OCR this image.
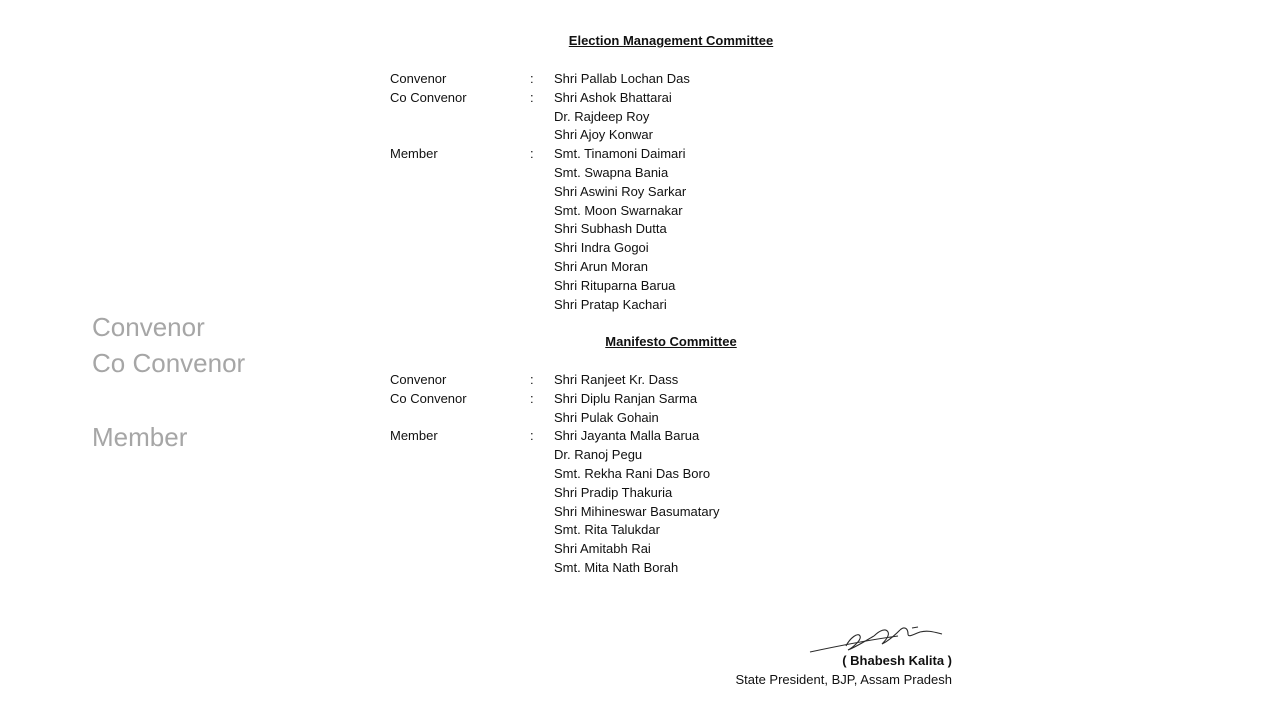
Convenor
Co Convenor
Member
Election Management Committee
Convenor	: Shri Pallab Lochan Das
Co Convenor	: Shri Ashok Bhattarai
Dr. Rajdeep Roy
Shri Ajoy Konwar
Member	: Smt. Tinamoni Daimari
Smt. Swapna Bania
Shri Aswini Roy Sarkar
Smt. Moon Swarnakar
Shri Subhash Dutta
Shri Indra Gogoi
Shri Arun Moran
Shri Rituparna Barua
Shri Pratap Kachari
Manifesto Committee
Convenor	: Shri Ranjeet Kr. Dass
Co Convenor	: Shri Diplu Ranjan Sarma
Shri Pulak Gohain
Member	: Shri Jayanta Malla Barua
Dr. Ranoj Pegu
Smt. Rekha Rani Das Boro
Shri Pradip Thakuria
Shri Mihineswar Basumatary
Smt. Rita Talukdar
Shri Amitabh Rai
Smt. Mita Nath Borah
( Bhabesh Kalita )
State President, BJP, Assam Pradesh
